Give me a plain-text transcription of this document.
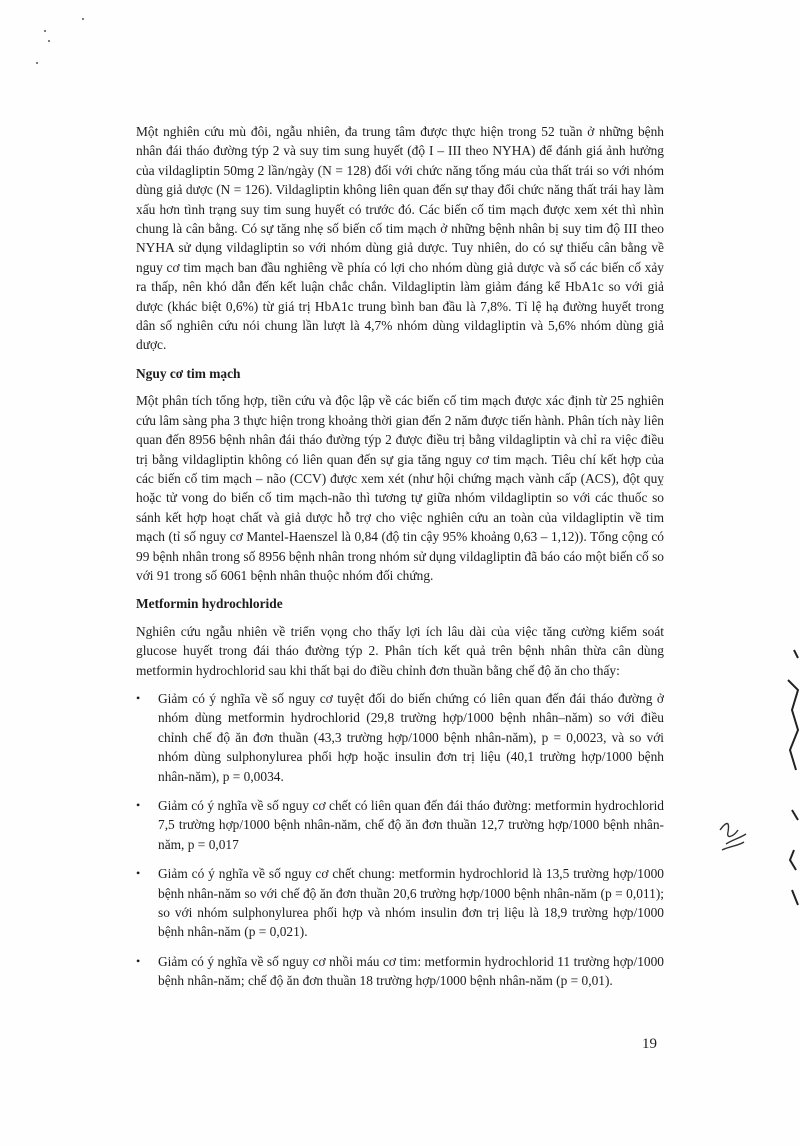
Một nghiên cứu mù đôi, ngẫu nhiên, đa trung tâm được thực hiện trong 52 tuần ở những bệnh nhân đái tháo đường týp 2 và suy tim sung huyết (độ I – III theo NYHA) để đánh giá ảnh hưởng của vildagliptin 50mg 2 lần/ngày (N = 128) đối với chức năng tống máu của thất trái so với nhóm dùng giả dược (N = 126). Vildagliptin không liên quan đến sự thay đổi chức năng thất trái hay làm xấu hơn tình trạng suy tim sung huyết có trước đó. Các biến cố tim mạch được xem xét thì nhìn chung là cân bằng. Có sự tăng nhẹ số biến cố tim mạch ở những bệnh nhân bị suy tim độ III theo NYHA sử dụng vildagliptin so với nhóm dùng giả dược. Tuy nhiên, do có sự thiếu cân bằng về nguy cơ tim mạch ban đầu nghiêng về phía có lợi cho nhóm dùng giả dược và số các biến cố xảy ra thấp, nên khó dẫn đến kết luận chắc chắn. Vildagliptin làm giảm đáng kể HbA1c so với giả dược (khác biệt 0,6%) từ giá trị HbA1c trung bình ban đầu là 7,8%. Tỉ lệ hạ đường huyết trong dân số nghiên cứu nói chung lần lượt là 4,7% nhóm dùng vildagliptin và 5,6% nhóm dùng giả dược.

Nguy cơ tim mạch

Một phân tích tổng hợp, tiền cứu và độc lập về các biến cố tim mạch được xác định từ 25 nghiên cứu lâm sàng pha 3 thực hiện trong khoảng thời gian đến 2 năm được tiến hành. Phân tích này liên quan đến 8956 bệnh nhân đái tháo đường týp 2 được điều trị bằng vildagliptin và chỉ ra việc điều trị bằng vildagliptin không có liên quan đến sự gia tăng nguy cơ tim mạch. Tiêu chí kết hợp của các biến cố tim mạch – não (CCV) được xem xét (như hội chứng mạch vành cấp (ACS), đột quỵ hoặc tử vong do biến cố tim mạch-não thì tương tự giữa nhóm vildagliptin so với các thuốc so sánh kết hợp hoạt chất và giả dược hỗ trợ cho việc nghiên cứu an toàn của vildagliptin về tim mạch (tỉ số nguy cơ Mantel-Haenszel là 0,84 (độ tin cậy 95% khoảng 0,63 – 1,12)). Tổng cộng có 99 bệnh nhân trong số 8956 bệnh nhân trong nhóm sử dụng vildagliptin đã báo cáo một biến cố so với 91 trong số 6061 bệnh nhân thuộc nhóm đối chứng.

Metformin hydrochloride

Nghiên cứu ngẫu nhiên về triển vọng cho thấy lợi ích lâu dài của việc tăng cường kiểm soát glucose huyết trong đái tháo đường týp 2. Phân tích kết quả trên bệnh nhân thừa cân dùng metformin hydrochlorid sau khi thất bại do điều chỉnh đơn thuần bằng chế độ ăn cho thấy:

• Giảm có ý nghĩa về số nguy cơ tuyệt đối do biến chứng có liên quan đến đái tháo đường ở nhóm dùng metformin hydrochlorid (29,8 trường hợp/1000 bệnh nhân–năm) so với điều chỉnh chế độ ăn đơn thuần (43,3 trường hợp/1000 bệnh nhân-năm), p = 0,0023, và so với nhóm dùng sulphonylurea phối hợp hoặc insulin đơn trị liệu (40,1 trường hợp/1000 bệnh nhân-năm), p = 0,0034.
• Giảm có ý nghĩa về số nguy cơ chết có liên quan đến đái tháo đường: metformin hydrochlorid 7,5 trường hợp/1000 bệnh nhân-năm, chế độ ăn đơn thuần 12,7 trường hợp/1000 bệnh nhân-năm, p = 0,017
• Giảm có ý nghĩa về số nguy cơ chết chung: metformin hydrochlorid là 13,5 trường hợp/1000 bệnh nhân-năm so với chế độ ăn đơn thuần 20,6 trường hợp/1000 bệnh nhân-năm (p = 0,011); so với nhóm sulphonylurea phối hợp và nhóm insulin đơn trị liệu là 18,9 trường hợp/1000 bệnh nhân-năm (p = 0,021).
• Giảm có ý nghĩa về số nguy cơ nhồi máu cơ tim: metformin hydrochlorid 11 trường hợp/1000 bệnh nhân-năm; chế độ ăn đơn thuần 18 trường hợp/1000 bệnh nhân-năm (p = 0,01).
19
